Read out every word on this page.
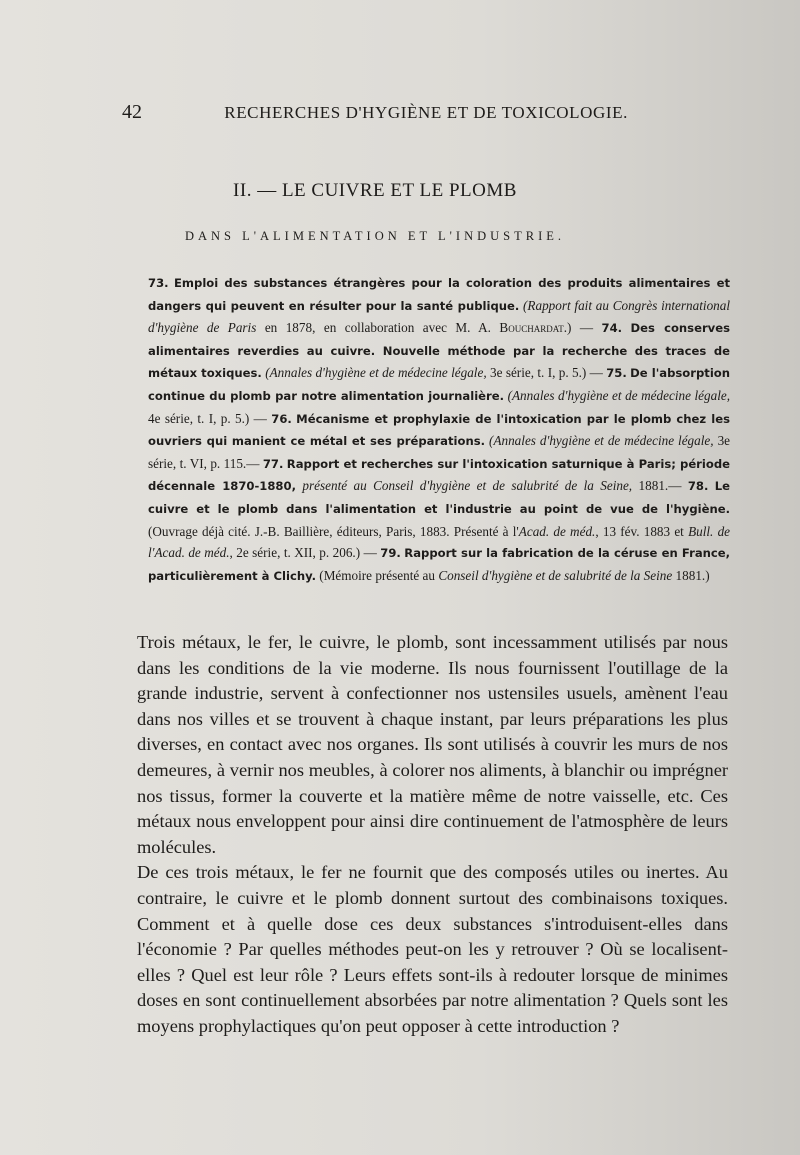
42	RECHERCHES D'HYGIÈNE ET DE TOXICOLOGIE.
II. — LE CUIVRE ET LE PLOMB
DANS L'ALIMENTATION ET L'INDUSTRIE.
73. Emploi des substances étrangères pour la coloration des produits alimentaires et dangers qui peuvent en résulter pour la santé publique. (Rapport fait au Congrès international d'hygiène de Paris en 1878, en collaboration avec M. A. Bouchardat.) — 74. Des conserves alimentaires reverdies au cuivre. Nouvelle méthode par la recherche des traces de métaux toxiques. (Annales d'hygiène et de médecine légale, 3e série, t. I, p. 5.) — 75. De l'absorption continue du plomb par notre alimentation journalière. (Annales d'hygiène et de médecine légale, 4e série, t. I, p. 5.) — 76. Mécanisme et prophylaxie de l'intoxication par le plomb chez les ouvriers qui manient ce métal et ses préparations. (Annales d'hygiène et de médecine légale, 3e série, t. VI, p. 115.— 77. Rapport et recherches sur l'intoxication saturnique à Paris; période décennale 1870-1880, présenté au Conseil d'hygiène et de salubrité de la Seine, 1881.— 78. Le cuivre et le plomb dans l'alimentation et l'industrie au point de vue de l'hygiène. (Ouvrage déjà cité. J.-B. Baillière, éditeurs, Paris, 1883. Présenté à l'Acad. de méd., 13 fév. 1883 et Bull. de l'Acad. de méd., 2e série, t. XII, p. 206.) — 79. Rapport sur la fabrication de la céruse en France, particulièrement à Clichy. (Mémoire présenté au Conseil d'hygiène et de salubrité de la Seine 1881.)

Trois métaux, le fer, le cuivre, le plomb, sont incessamment utilisés par nous dans les conditions de la vie moderne. Ils nous fournissent l'outillage de la grande industrie, servent à confectionner nos ustensiles usuels, amènent l'eau dans nos villes et se trouvent à chaque instant, par leurs préparations les plus diverses, en contact avec nos organes. Ils sont utilisés à couvrir les murs de nos demeures, à vernir nos meubles, à colorer nos aliments, à blanchir ou imprégner nos tissus, former la couverte et la matière même de notre vaisselle, etc. Ces métaux nous enveloppent pour ainsi dire continuement de l'atmosphère de leurs molécules.

De ces trois métaux, le fer ne fournit que des composés utiles ou inertes. Au contraire, le cuivre et le plomb donnent surtout des combinaisons toxiques. Comment et à quelle dose ces deux substances s'introduisent-elles dans l'économie ? Par quelles méthodes peut-on les y retrouver ? Où se localisent-elles ? Quel est leur rôle ? Leurs effets sont-ils à redouter lorsque de minimes doses en sont continuellement absorbées par notre alimentation ? Quels sont les moyens prophylactiques qu'on peut opposer à cette introduction ?
